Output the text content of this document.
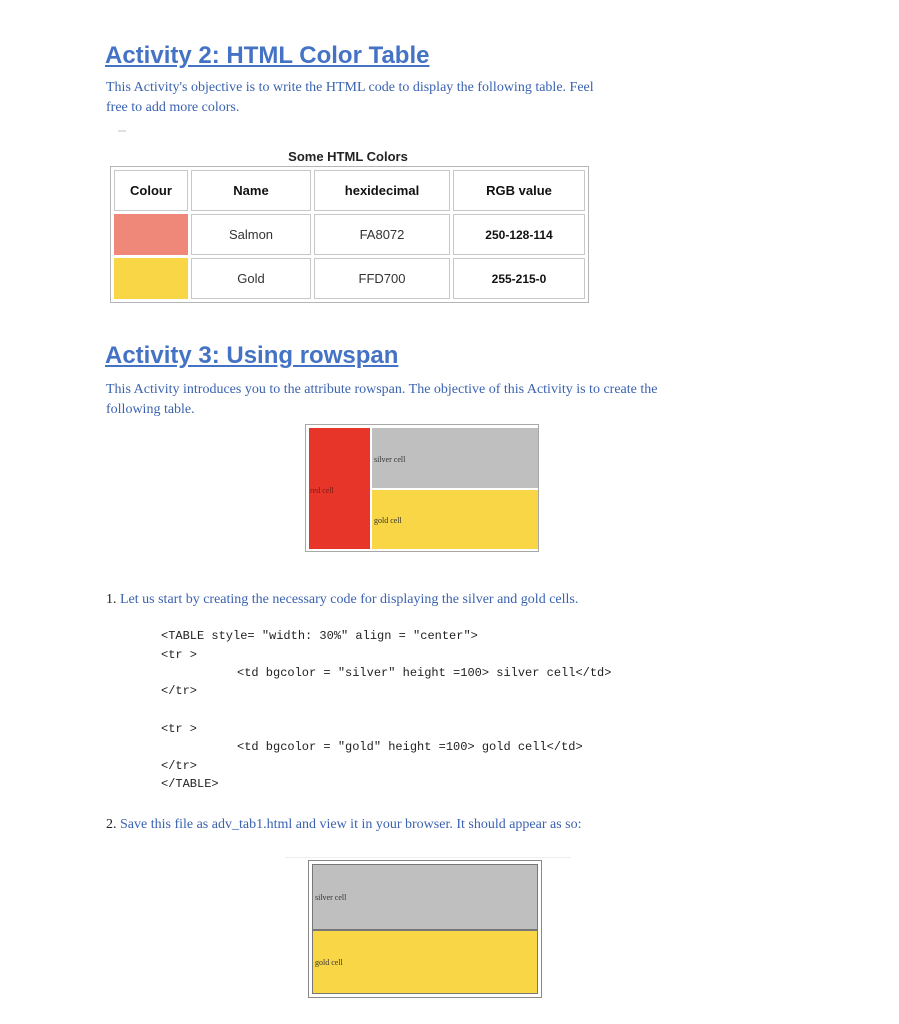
Activity 2: HTML Color Table

This Activity's objective is to write the HTML code to display the following table. Feel

free to add more colors.

Some HTML Colors
Colour	Name	hexidecimal	RGB value
	Salmon	FA8072	250-128-114
	Gold	FFD700	255-215-0
Activity 3: Using rowspan

This Activity introduces you to the attribute rowspan. The objective of this Activity is to create the

following table.

red cell
silver cell
gold cell

1. Let us start by creating the necessary code for displaying the silver and gold cells.

<TABLE style= "width: 30%" align = "center">
<tr >
<td bgcolor = "silver" height =100> silver cell</td>
</tr>
<tr >
<td bgcolor = "gold" height =100> gold cell</td>
</tr>
</TABLE>

2. Save this file as adv_tab1.html and view it in your browser. It should appear as so:

silver cell
gold cell
